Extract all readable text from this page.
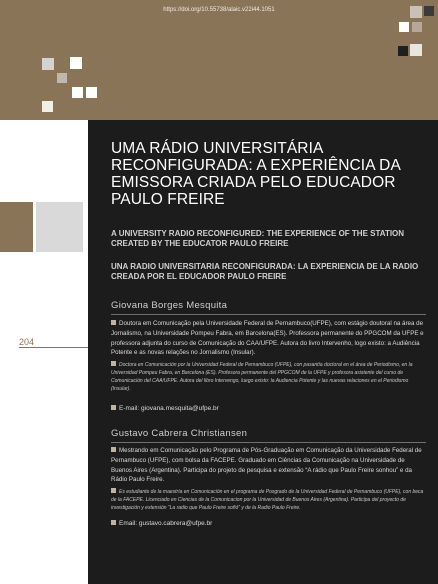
https://doi.org/10.55738/alaic.v22i44.1051
204
UMA RÁDIO UNIVERSITÁRIA RECONFIGURADA: A EXPERIÊNCIA DA EMISSORA CRIADA PELO EDUCADOR PAULO FREIRE
A UNIVERSITY RADIO RECONFIGURED: THE EXPERIENCE OF THE STATION CREATED BY THE EDUCATOR PAULO FREIRE
UNA RADIO UNIVERSITARIA RECONFIGURADA: LA EXPERIENCIA DE LA RADIO CREADA POR EL EDUCADOR PAULO FREIRE
Giovana Borges Mesquita
Doutora em Comunicação pela Universidade Federal de Pernambuco(UFPE), com estágio doutoral na área de Jornalismo, na Universidade Pompeu Fabra, em Barcelona(ES). Professora permanente do PPGCOM da UFPE e professora adjunta do curso de Comunicação do CAA/UFPE. Autora do livro Intervenho, logo existo: a Audiência Potente e as novas relações no Jornalismo (Insular).
Doctora en Comunicación por la Universidad Federal de Pernambuco (UFPE), con pasantía doctoral en el área de Periodismo, en la Universidad Pompeu Fabra, en Barcelona (ES). Profesora permanente del PPGCOM de la UFPE y profesora asistente del curso de Comunicación del CAA/UFPE. Autora del libro Intervengo, luego existo: la Audiencia Potente y las nuevas relaciones en el Periodismo (Insular).
E-mail: giovana.mesquita@ufpe.br
Gustavo Cabrera Christiansen
Mestrando em Comunicação pelo Programa de Pós-Graduação em Comunicação da Universidade Federal de Pernambuco (UFPE), com bolsa da FACEPE. Graduado em Ciências da Comunicação na Universidade de Buenos Aires (Argentina). Participa do projeto de pesquisa e extensão “A rádio que Paulo Freire sonhou” e da Rádio Paulo Freire.
Es estudiante de la maestría en Comunicación en el programa de Posgrado de la Universidad Federal de Pernambuco (UFPE), con beca de la FACEPE. Licenciado en Ciencias de la Comunicacion por la Universidad de Buenos Aires (Argentina). Participa del proyecto de investigación y extensión “La radio que Paulo Freire soñó” y de la Radio Paulo Freire.
Email: gustavo.cabrera@ufpe.br
